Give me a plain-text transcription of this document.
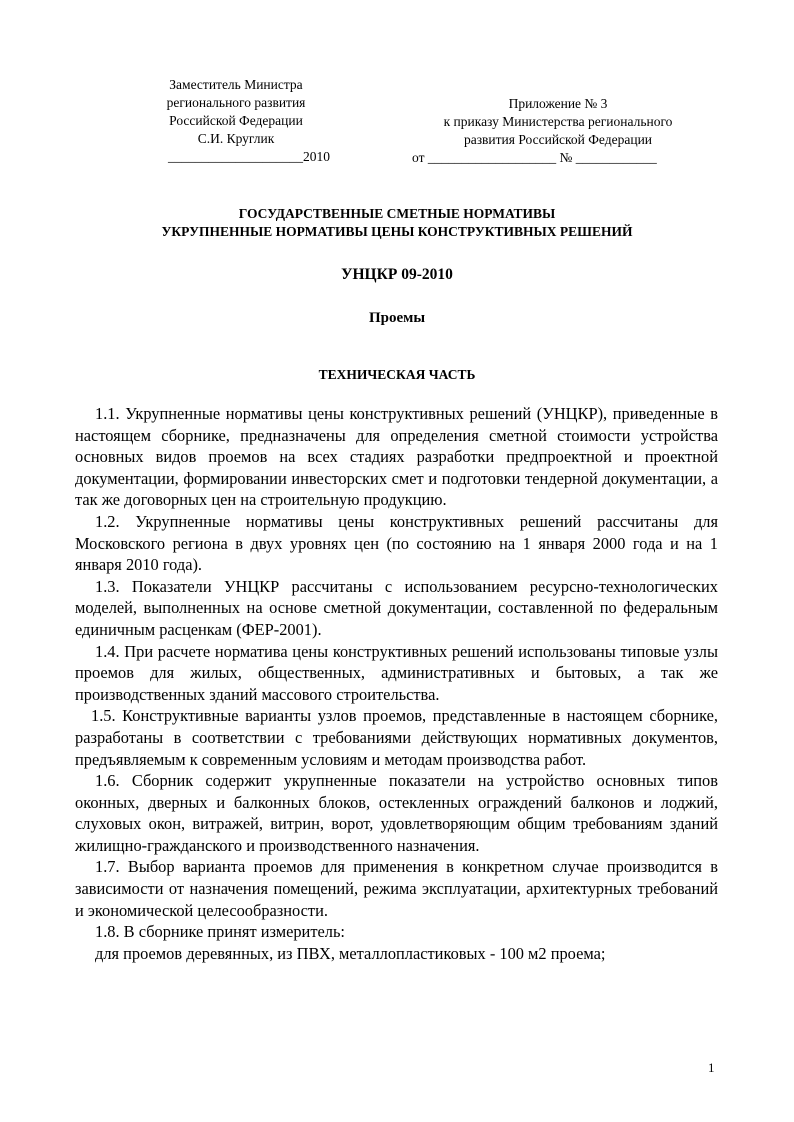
Заместитель Министра
регионального развития
Российской Федерации
С.И. Круглик
____________________2010
Приложение № 3
к приказу Министерства регионального
развития Российской Федерации
от ___________________ № ____________
ГОСУДАРСТВЕННЫЕ СМЕТНЫЕ НОРМАТИВЫ
УКРУПНЕННЫЕ НОРМАТИВЫ ЦЕНЫ КОНСТРУКТИВНЫХ РЕШЕНИЙ
УНЦКР 09-2010
Проемы
ТЕХНИЧЕСКАЯ ЧАСТЬ

1.1. Укрупненные нормативы цены конструктивных решений (УНЦКР), приведенные в настоящем сборнике, предназначены для определения сметной стоимости устройства основных видов проемов на всех стадиях разработки предпроектной и проектной документации, формировании инвесторских смет и подготовки тендерной документации, а так же договорных цен на строительную продукцию.

1.2. Укрупненные нормативы цены конструктивных решений рассчитаны для Московского региона в двух уровнях цен (по состоянию на 1 января 2000 года и на 1 января 2010 года).

1.3. Показатели УНЦКР рассчитаны с использованием ресурсно-технологических моделей, выполненных на основе сметной документации, составленной по федеральным единичным расценкам (ФЕР-2001).

1.4. При расчете норматива цены конструктивных решений использованы типовые узлы проемов для жилых, общественных, административных и бытовых, а так же производственных зданий массового строительства.

1.5. Конструктивные варианты узлов проемов, представленные в настоящем сборнике, разработаны в соответствии с требованиями действующих нормативных документов, предъявляемым к современным условиям и методам производства работ.

1.6. Сборник содержит укрупненные показатели на устройство основных типов оконных, дверных и балконных блоков, остекленных ограждений балконов и лоджий, слуховых окон, витражей, витрин, ворот, удовлетворяющим общим требованиям зданий жилищно-гражданского и производственного назначения.

1.7. Выбор варианта проемов для применения в конкретном случае производится в зависимости от назначения помещений, режима эксплуатации, архитектурных требований и экономической целесообразности.

1.8. В сборнике принят измеритель:

для проемов деревянных, из ПВХ, металлопластиковых - 100 м2 проема;

1
